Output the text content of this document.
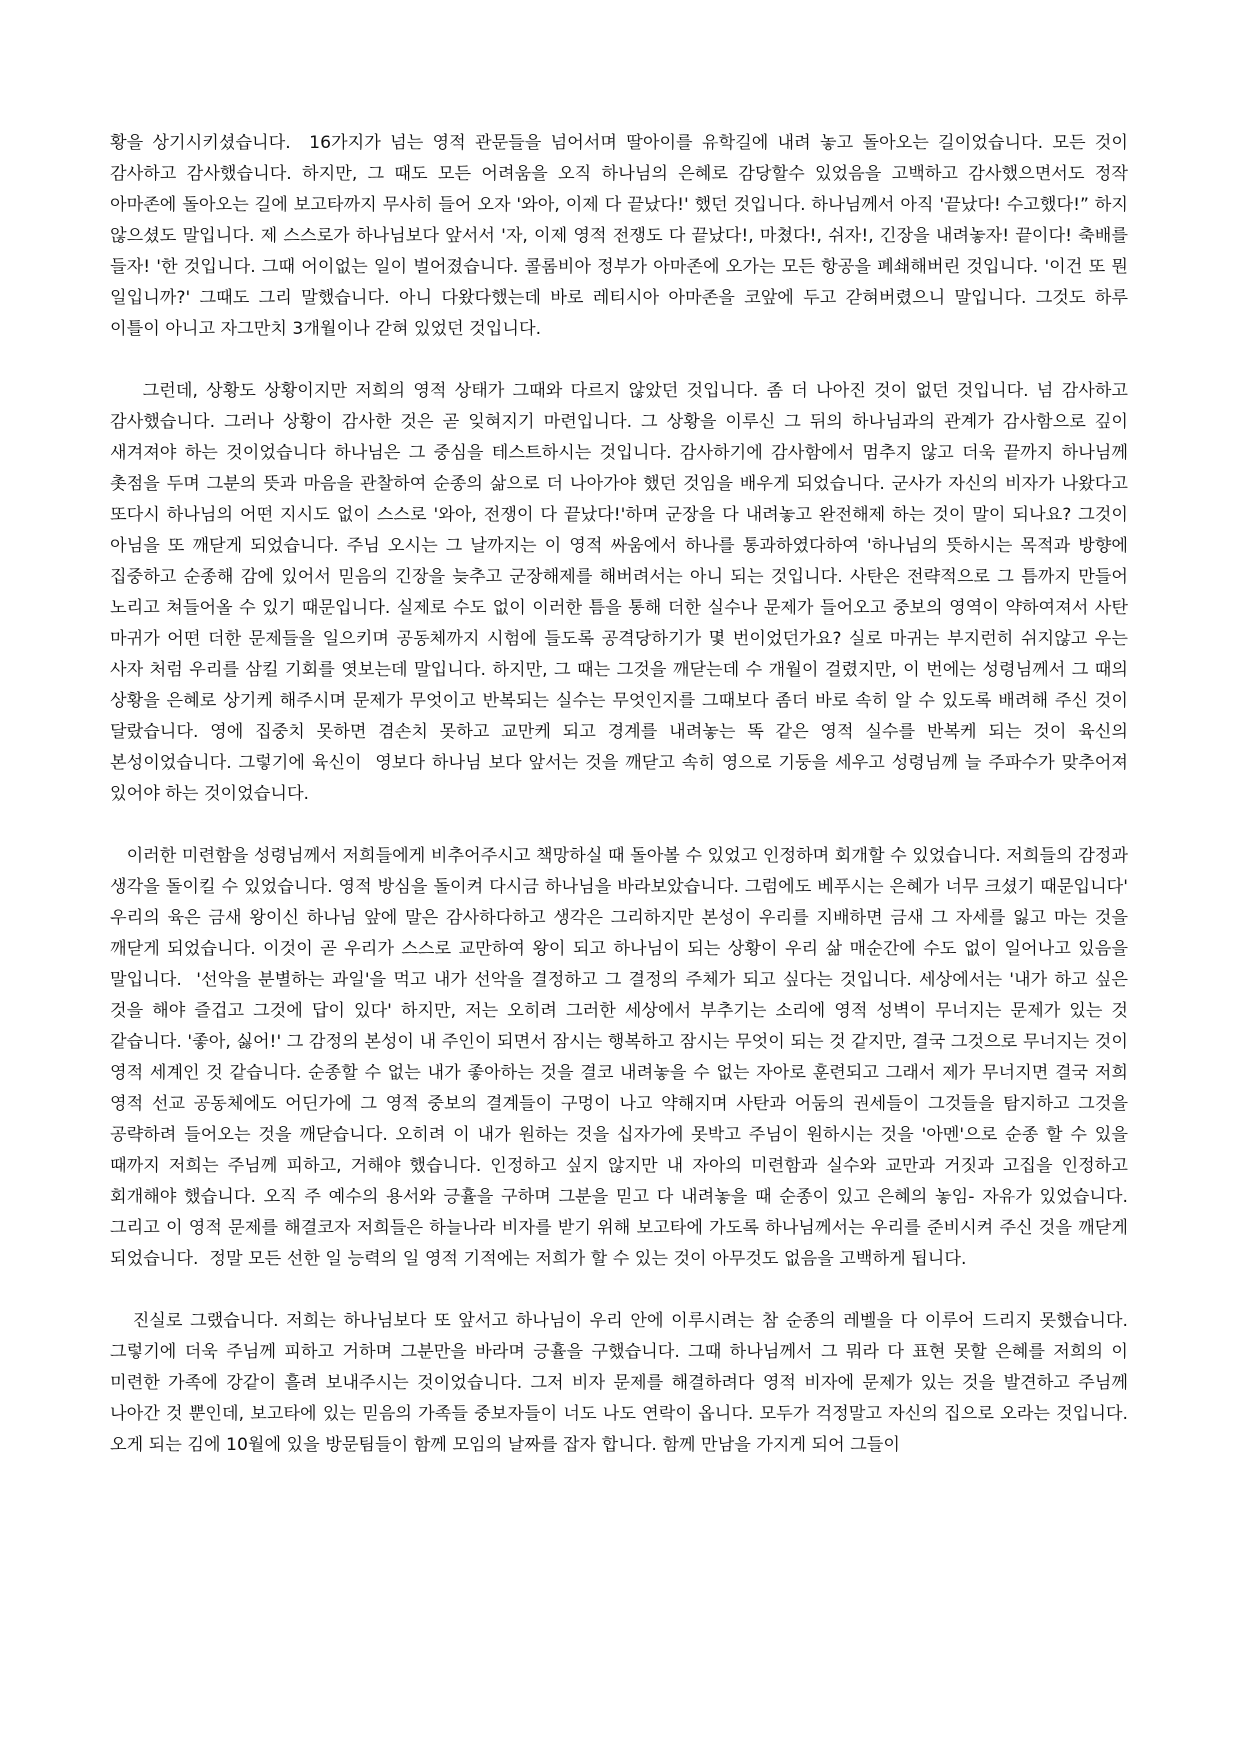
황을 상기시키셨습니다.  16가지가 넘는 영적 관문들을 넘어서며 딸아이를 유학길에 내려 놓고 돌아오는 길이었습니다. 모든 것이 감사하고 감사했습니다. 하지만, 그 때도 모든 어려움을 오직 하나님의 은혜로 감당할수 있었음을 고백하고 감사했으면서도 정작 아마존에 돌아오는 길에 보고타까지 무사히 들어 오자 '와아, 이제 다 끝났다!' 했던 것입니다. 하나님께서 아직 '끝났다! 수고했다!” 하지 않으셨도 말입니다. 제 스스로가 하나님보다 앞서서 '자, 이제 영적 전쟁도 다 끝났다!, 마쳤다!, 쉬자!, 긴장을 내려놓자! 끝이다! 축배를 들자! '한 것입니다. 그때 어이없는 일이 벌어졌습니다. 콜롬비아 정부가 아마존에 오가는 모든 항공을 폐쇄해버린 것입니다. '이건 또 뭔 일입니까?' 그때도 그리 말했습니다. 아니 다왔다했는데 바로 레티시아 아마존을 코앞에 두고 갇혀버렸으니 말입니다. 그것도 하루 이틀이 아니고 자그만치 3개월이나 갇혀 있었던 것입니다.

그런데, 상황도 상황이지만 저희의 영적 상태가 그때와 다르지 않았던 것입니다. 좀 더 나아진 것이 없던 것입니다. 넘 감사하고 감사했습니다. 그러나 상황이 감사한 것은 곧 잊혀지기 마련입니다. 그 상황을 이루신 그 뒤의 하나님과의 관계가 감사함으로 깊이 새겨져야 하는 것이었습니다 하나님은 그 중심을 테스트하시는 것입니다. 감사하기에 감사함에서 멈추지 않고 더욱 끝까지 하나님께 촛점을 두며 그분의 뜻과 마음을 관찰하여 순종의 삶으로 더 나아가야 했던 것임을 배우게 되었습니다. 군사가 자신의 비자가 나왔다고 또다시 하나님의 어떤 지시도 없이 스스로 '와아, 전쟁이 다 끝났다!'하며 군장을 다 내려놓고 완전해제 하는 것이 말이 되나요? 그것이 아님을 또 깨닫게 되었습니다. 주님 오시는 그 날까지는 이 영적 싸움에서 하나를 통과하였다하여 '하나님의 뜻하시는 목적과 방향에 집중하고 순종해 감에 있어서 믿음의 긴장을 늦추고 군장해제를 해버려서는 아니 되는 것입니다. 사탄은 전략적으로 그 틈까지 만들어 노리고 쳐들어올 수 있기 때문입니다. 실제로 수도 없이 이러한 틈을 통해 더한 실수나 문제가 들어오고 중보의 영역이 약하여져서 사탄 마귀가 어떤 더한 문제들을 일으키며 공동체까지 시험에 들도록 공격당하기가 몇 번이었던가요? 실로 마귀는 부지런히 쉬지않고 우는 사자 처럼 우리를 삼킬 기회를 엿보는데 말입니다. 하지만, 그 때는 그것을 깨닫는데 수 개월이 걸렸지만, 이 번에는 성령님께서 그 때의 상황을 은혜로 상기케 해주시며 문제가 무엇이고 반복되는 실수는 무엇인지를 그때보다 좀더 바로 속히 알 수 있도록 배려해 주신 것이 달랐습니다. 영에 집중치 못하면 겸손치 못하고 교만케 되고 경계를 내려놓는 똑 같은 영적 실수를 반복케 되는 것이 육신의 본성이었습니다. 그렇기에 육신이  영보다 하나님 보다 앞서는 것을 깨닫고 속히 영으로 기둥을 세우고 성령님께 늘 주파수가 맞추어져 있어야 하는 것이었습니다.

이러한 미련함을 성령님께서 저희들에게 비추어주시고 책망하실 때 돌아볼 수 있었고 인정하며 회개할 수 있었습니다. 저희들의 감정과 생각을 돌이킬 수 있었습니다. 영적 방심을 돌이켜 다시금 하나님을 바라보았습니다. 그럼에도 베푸시는 은혜가 너무 크셨기 때문입니다' 우리의 육은 금새 왕이신 하나님 앞에 말은 감사하다하고 생각은 그리하지만 본성이 우리를 지배하면 금새 그 자세를 잃고 마는 것을 깨닫게 되었습니다. 이것이 곧 우리가 스스로 교만하여 왕이 되고 하나님이 되는 상황이 우리 삶 매순간에 수도 없이 일어나고 있음을 말입니다.  '선악을 분별하는 과일'을 먹고 내가 선악을 결정하고 그 결정의 주체가 되고 싶다는 것입니다. 세상에서는 '내가 하고 싶은 것을 해야 즐겁고 그것에 답이 있다' 하지만, 저는 오히려 그러한 세상에서 부추기는 소리에 영적 성벽이 무너지는 문제가 있는 것 같습니다. '좋아, 싫어!' 그 감정의 본성이 내 주인이 되면서 잠시는 행복하고 잠시는 무엇이 되는 것 같지만, 결국 그것으로 무너지는 것이 영적 세계인 것 같습니다. 순종할 수 없는 내가 좋아하는 것을 결코 내려놓을 수 없는 자아로 훈련되고 그래서 제가 무너지면 결국 저희 영적 선교 공동체에도 어딘가에 그 영적 중보의 결계들이 구멍이 나고 약해지며 사탄과 어둠의 권세들이 그것들을 탐지하고 그것을 공략하려 들어오는 것을 깨닫습니다. 오히려 이 내가 원하는 것을 십자가에 못박고 주님이 원하시는 것을 '아멘'으로 순종 할 수 있을 때까지 저희는 주님께 피하고, 거해야 했습니다. 인정하고 싶지 않지만 내 자아의 미련함과 실수와 교만과 거짓과 고집을 인정하고 회개해야 했습니다. 오직 주 예수의 용서와 긍휼을 구하며 그분을 믿고 다 내려놓을 때 순종이 있고 은혜의 놓임- 자유가 있었습니다. 그리고 이 영적 문제를 해결코자 저희들은 하늘나라 비자를 받기 위해 보고타에 가도록 하나님께서는 우리를 준비시켜 주신 것을 깨닫게 되었습니다.  정말 모든 선한 일 능력의 일 영적 기적에는 저희가 할 수 있는 것이 아무것도 없음을 고백하게 됩니다.

진실로 그랬습니다. 저희는 하나님보다 또 앞서고 하나님이 우리 안에 이루시려는 참 순종의 레벨을 다 이루어 드리지 못했습니다. 그렇기에 더욱 주님께 피하고 거하며 그분만을 바라며 긍휼을 구했습니다. 그때 하나님께서 그 뭐라 다 표현 못할 은혜를 저희의 이 미련한 가족에 강같이 흘려 보내주시는 것이었습니다. 그저 비자 문제를 해결하려다 영적 비자에 문제가 있는 것을 발견하고 주님께 나아간 것 뿐인데, 보고타에 있는 믿음의 가족들 중보자들이 너도 나도 연락이 옵니다. 모두가 걱정말고 자신의 집으로 오라는 것입니다. 오게 되는 김에 10월에 있을 방문팀들이 함께 모임의 날짜를 잡자 합니다. 함께 만남을 가지게 되어 그들이
